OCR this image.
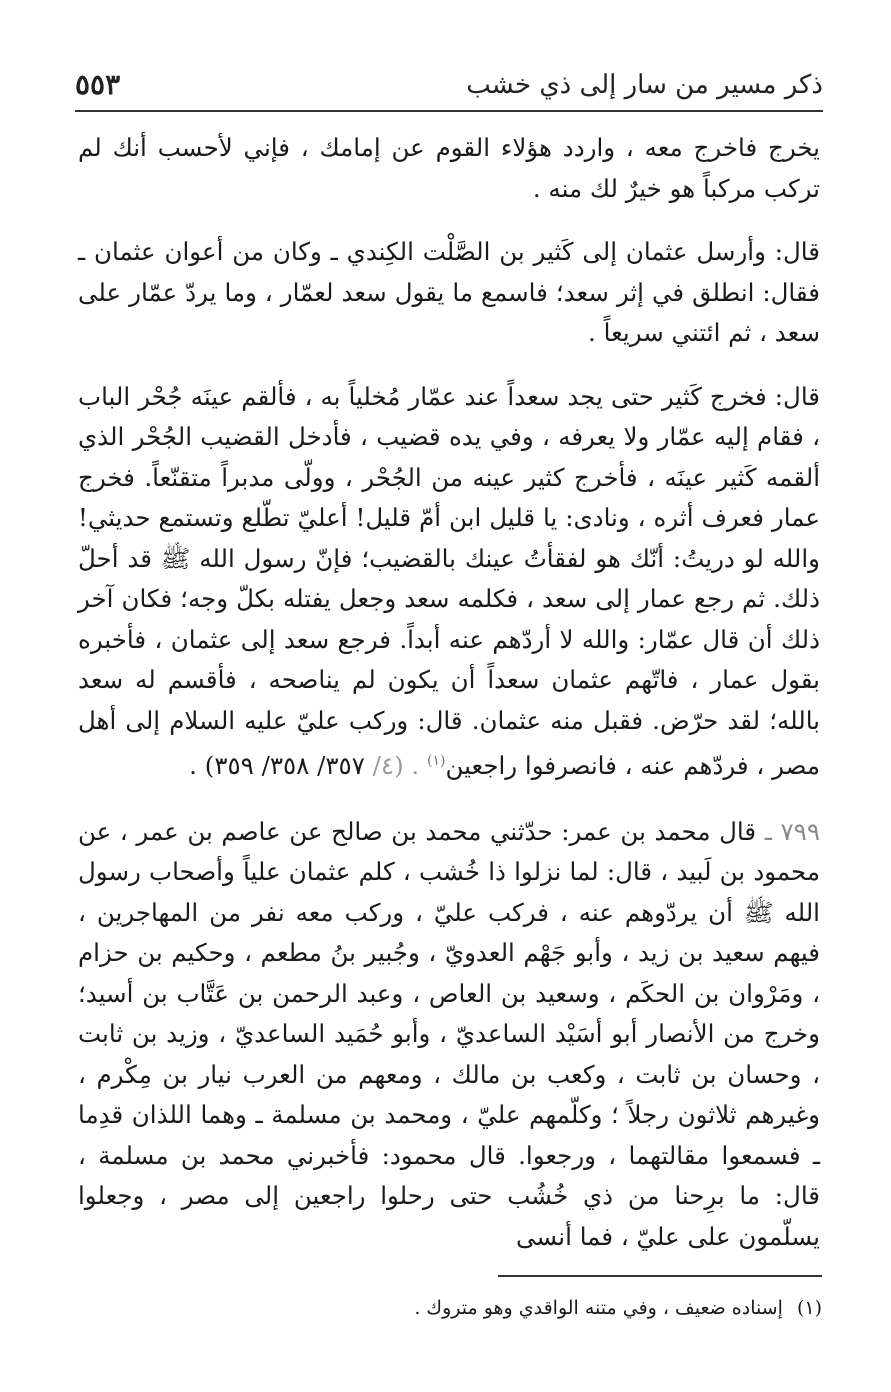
ذكر مسير من سار إلى ذي خشب
٥٥٣

يخرج فاخرج معه ، واردد هؤلاء القوم عن إمامك ، فإني لأحسب أنك لم تركب مركباً هو خيرٌ لك منه .

قال: وأرسل عثمان إلى كَثير بن الصَّلْت الكِندي ـ وكان من أعوان عثمان ـ فقال: انطلق في إثر سعد؛ فاسمع ما يقول سعد لعمّار ، وما يردّ عمّار على سعد ، ثم ائتني سريعاً .

قال: فخرج كَثير حتى يجد سعداً عند عمّار مُخلياً به ، فألقم عينَه جُحْر الباب ، فقام إليه عمّار ولا يعرفه ، وفي يده قضيب ، فأدخل القضيب الجُحْر الذي ألقمه كَثير عينَه ، فأخرج كثير عينه من الجُحْر ، وولّى مدبراً متقنّعاً. فخرج عمار فعرف أثره ، ونادى: يا قليل ابن أمّ قليل! أعليّ تطّلع وتستمع حديثي! والله لو دريتُ: أنّك هو لفقأتُ عينك بالقضيب؛ فإنّ رسول الله ﷺ قد أحلّ ذلك. ثم رجع عمار إلى سعد ، فكلمه سعد وجعل يفتله بكلّ وجه؛ فكان آخر ذلك أن قال عمّار: والله لا أردّهم عنه أبداً. فرجع سعد إلى عثمان ، فأخبره بقول عمار ، فاتّهم عثمان سعداً أن يكون لم يناصحه ، فأقسم له سعد بالله؛ لقد حرّض. فقبل منه عثمان. قال: وركب عليّ عليه السلام إلى أهل مصر ، فردّهم عنه ، فانصرفوا راجعين$^{(١)}$ . (٤/ ٣٥٧/ ٣٥٨/ ٣٥٩) .

٧٩٩ ـ قال محمد بن عمر: حدّثني محمد بن صالح عن عاصم بن عمر ، عن محمود بن لَبيد ، قال: لما نزلوا ذا خُشب ، كلم عثمان علياً وأصحاب رسول الله ﷺ أن يردّوهم عنه ، فركب عليّ ، وركب معه نفر من المهاجرين ، فيهم سعيد بن زيد ، وأبو جَهْم العدويّ ، وجُبير بنُ مطعم ، وحكيم بن حزام ، ومَرْوان بن الحكَم ، وسعيد بن العاص ، وعبد الرحمن بن عَتَّاب بن أسيد؛ وخرج من الأنصار أبو أسَيْد الساعديّ ، وأبو حُمَيد الساعديّ ، وزيد بن ثابت ، وحسان بن ثابت ، وكعب بن مالك ، ومعهم من العرب نيار بن مِكْرم ، وغيرهم ثلاثون رجلاً ؛ وكلّمهم عليّ ، ومحمد بن مسلمة ـ وهما اللذان قدِما ـ فسمعوا مقالتهما ، ورجعوا. قال محمود: فأخبرني محمد بن مسلمة ، قال: ما برِحنا من ذي خُشُب حتى رحلوا راجعين إلى مصر ، وجعلوا يسلّمون على عليّ ، فما أنسى

(١)إسناده ضعيف ، وفي متنه الواقدي وهو متروك .
